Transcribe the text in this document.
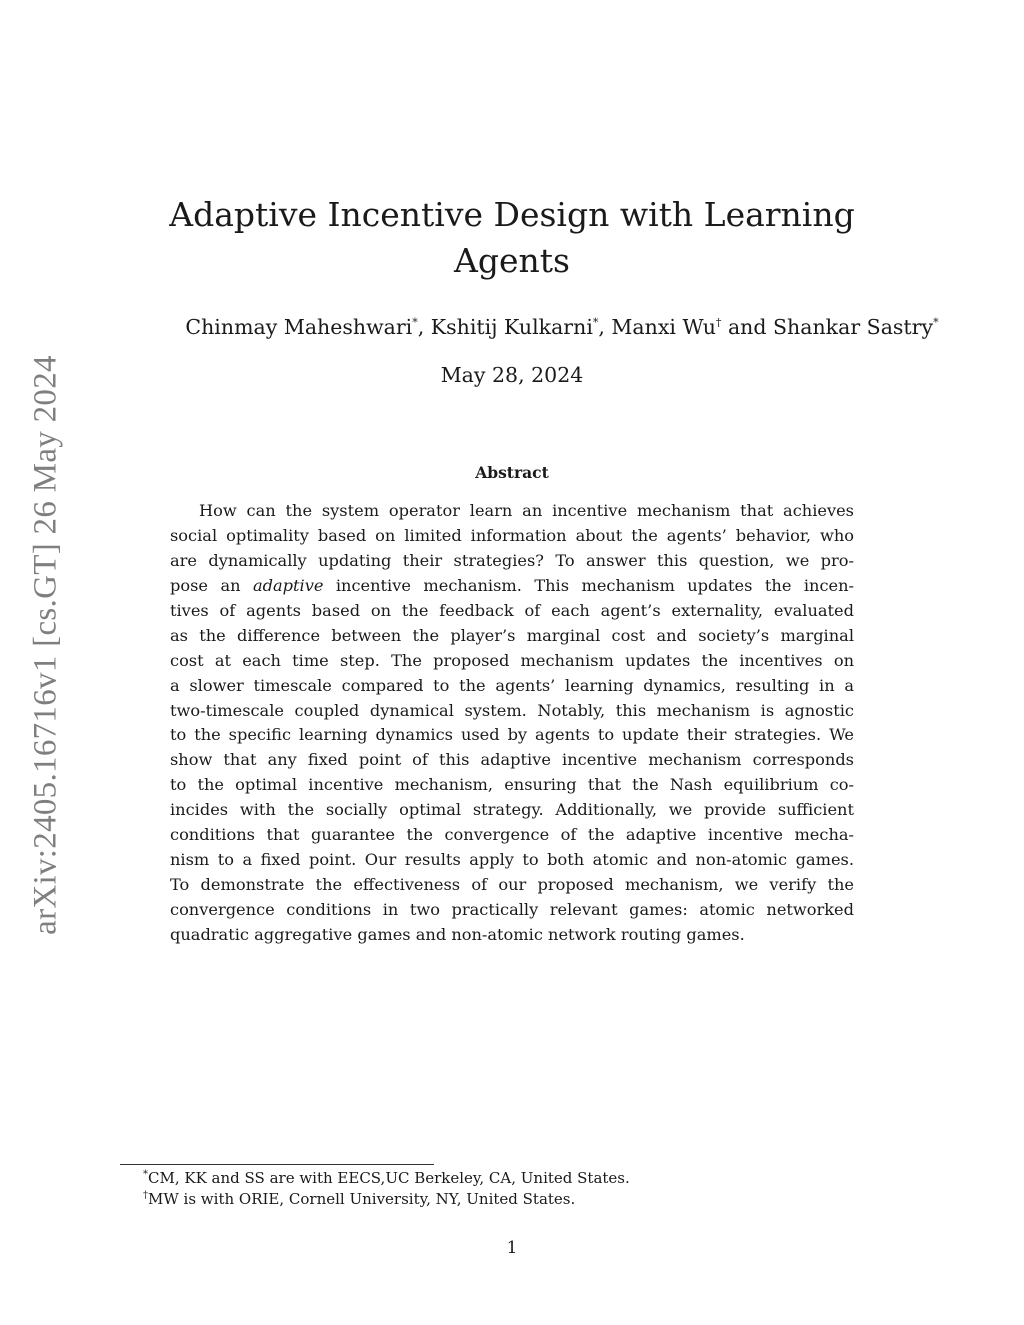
arXiv:2405.16716v1 [cs.GT] 26 May 2024
Adaptive Incentive Design with Learning
Agents
Chinmay Maheshwari*, Kshitij Kulkarni*, Manxi Wu† and Shankar Sastry*
May 28, 2024
Abstract
How can the system operator learn an incentive mechanism that achieves
social optimality based on limited information about the agents’ behavior, who
are dynamically updating their strategies? To answer this question, we pro-
pose an adaptive incentive mechanism. This mechanism updates the incen-
tives of agents based on the feedback of each agent’s externality, evaluated
as the difference between the player’s marginal cost and society’s marginal
cost at each time step. The proposed mechanism updates the incentives on
a slower timescale compared to the agents’ learning dynamics, resulting in a
two-timescale coupled dynamical system. Notably, this mechanism is agnostic
to the specific learning dynamics used by agents to update their strategies. We
show that any fixed point of this adaptive incentive mechanism corresponds
to the optimal incentive mechanism, ensuring that the Nash equilibrium co-
incides with the socially optimal strategy. Additionally, we provide sufficient
conditions that guarantee the convergence of the adaptive incentive mecha-
nism to a fixed point. Our results apply to both atomic and non-atomic games.
To demonstrate the effectiveness of our proposed mechanism, we verify the
convergence conditions in two practically relevant games: atomic networked
quadratic aggregative games and non-atomic network routing games.
*CM, KK and SS are with EECS,UC Berkeley, CA, United States.
†MW is with ORIE, Cornell University, NY, United States.
1
